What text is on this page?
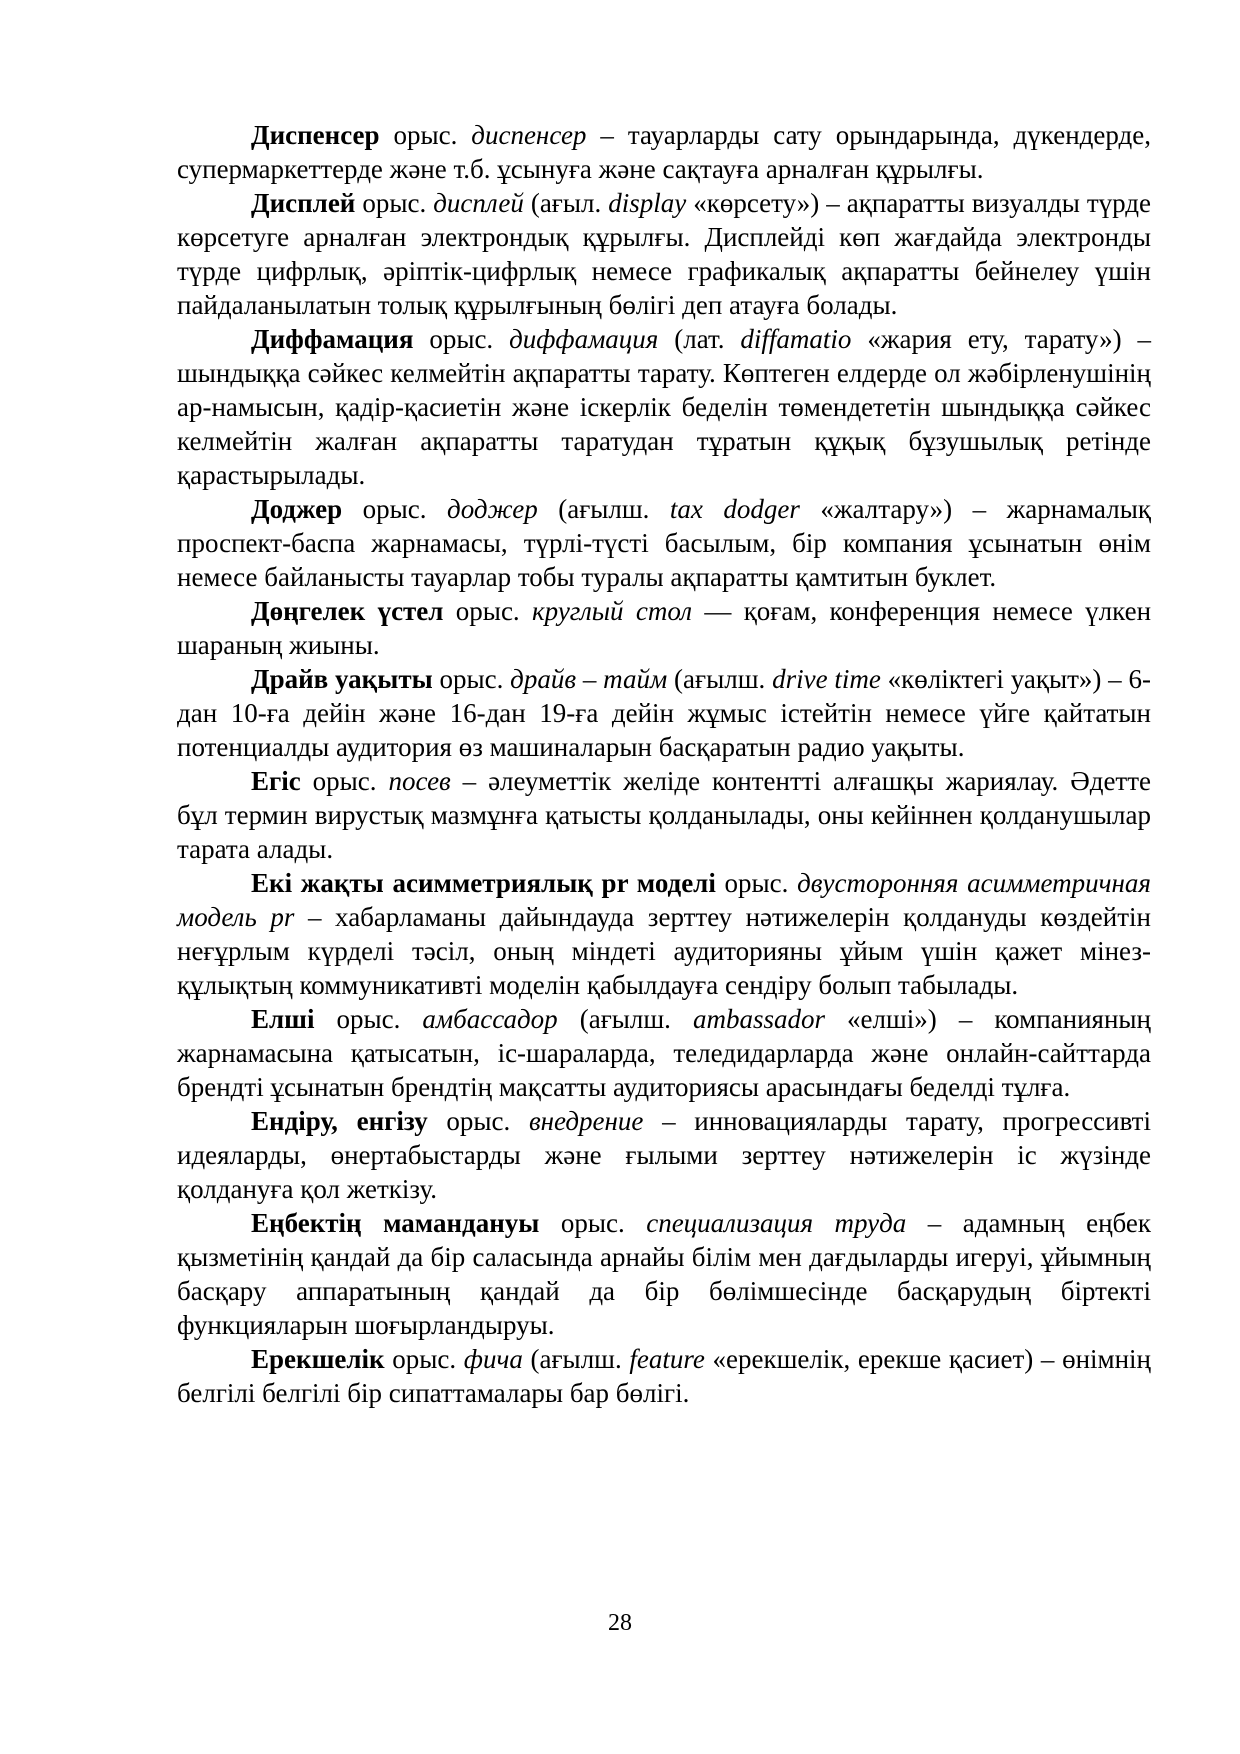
Диспенсер орыс. диспенсер – тауарларды сату орындарында, дүкендерде, супермаркеттерде және т.б. ұсынуға және сақтауға арналған құрылғы.

Дисплей орыс. дисплей (ағыл. display «көрсету») – ақпаратты визуалды түрде көрсетуге арналған электрондық құрылғы. Дисплейді көп жағдайда электронды түрде цифрлық, әріптік-цифрлық немесе графикалық ақпаратты бейнелеу үшін пайдаланылатын толық құрылғының бөлігі деп атауға болады.

Диффамация орыс. диффамация (лат. diffamatio «жария ету, тарату») – шындыққа сәйкес келмейтін ақпаратты тарату. Көптеген елдерде ол жәбірленушінің ар-намысын, қадір-қасиетін және іскерлік беделін төмендететін шындыққа сәйкес келмейтін жалған ақпаратты таратудан тұратын құқық бұзушылық ретінде қарастырылады.

Доджер орыс. доджер (ағылш. tax dodger «жалтару») – жарнамалық проспект-баспа жарнамасы, түрлі-түсті басылым, бір компания ұсынатын өнім немесе байланысты тауарлар тобы туралы ақпаратты қамтитын буклет.

Дөңгелек үстел орыс. круглый стол — қоғам, конференция немесе үлкен шараның жиыны.

Драйв уақыты орыс. драйв – тайм (ағылш. drive time «көліктегі уақыт») – 6-дан 10-ға дейін және 16-дан 19-ға дейін жұмыс істейтін немесе үйге қайтатын потенциалды аудитория өз машиналарын басқаратын радио уақыты.

Егіс орыс. посев – әлеуметтік желіде контентті алғашқы жариялау. Әдетте бұл термин вирустық мазмұнға қатысты қолданылады, оны кейіннен қолданушылар тарата алады.

Екі жақты асимметриялық pr моделі орыс. двусторонняя асимметричная модель pr – хабарламаны дайындауда зерттеу нәтижелерін қолдануды көздейтін неғұрлым күрделі тәсіл, оның міндеті аудиторияны ұйым үшін қажет мінез-құлықтың коммуникативті моделін қабылдауға сендіру болып табылады.

Елші орыс. амбассадор (ағылш. ambassador «елші») – компанияның жарнамасына қатысатын, іс-шараларда, теледидарларда және онлайн-сайттарда брендті ұсынатын брендтің мақсатты аудиториясы арасындағы беделді тұлға.

Ендіру, енгізу орыс. внедрение – инновацияларды тарату, прогрессивті идеяларды, өнертабыстарды және ғылыми зерттеу нәтижелерін іс жүзінде қолдануға қол жеткізу.

Еңбектің мамандануы орыс. специализация труда – адамның еңбек қызметінің қандай да бір саласында арнайы білім мен дағдыларды игеруі, ұйымның басқару аппаратының қандай да бір бөлімшесінде басқарудың біртекті функцияларын шоғырландыруы.

Ерекшелік орыс. фича (ағылш. feature «ерекшелік, ерекше қасиет) – өнімнің белгілі белгілі бір сипаттамалары бар бөлігі.

28
